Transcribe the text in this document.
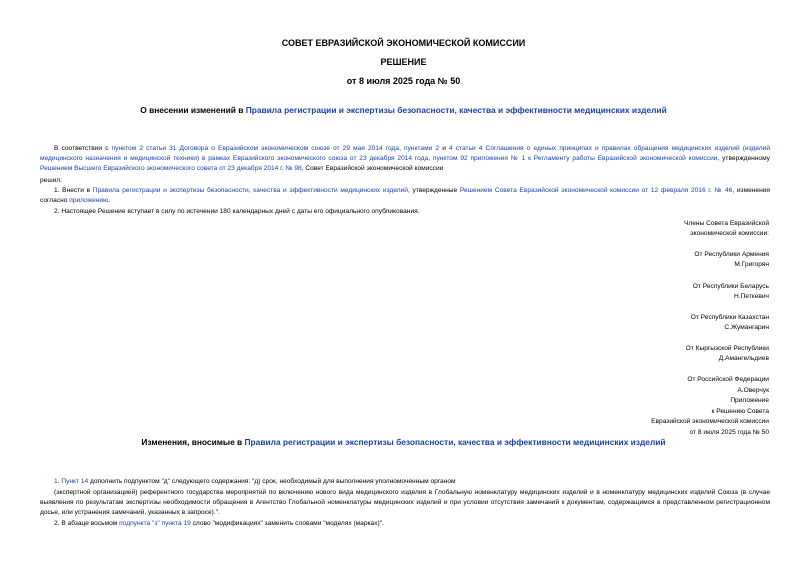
СОВЕТ ЕВРАЗИЙСКОЙ ЭКОНОМИЧЕСКОЙ КОМИССИИ
РЕШЕНИЕ
от 8 июля 2025 года № 50
О внесении изменений в Правила регистрации и экспертизы безопасности, качества и эффективности медицинских изделий
В соответствии с пунктом 2 статьи 31 Договора о Евразийском экономическом союзе от 29 мая 2014 года, пунктами 2 и 4 статьи 4 Соглашения о единых принципах и правилах обращения медицинских изделий (изделий медицинского назначения и медицинской техники) в рамках Евразийского экономического союза от 23 декабря 2014 года, пунктом 92 приложения № 1 к Регламенту работы Евразийской экономической комиссии, утвержденному Решением Высшего Евразийского экономического совета от 23 декабря 2014 г. № 98, Совет Евразийской экономической комиссии
решил:
1. Внести в Правила регистрации и экспертизы безопасности, качества и эффективности медицинских изделий, утвержденные Решением Совета Евразийской экономической комиссии от 12 февраля 2016 г. № 46, изменения согласно приложению.
2. Настоящее Решение вступает в силу по истечении 180 календарных дней с даты его официального опубликования.
Члены Совета Евразийской
экономической комиссии:
От Республики Армения
М.Григорян
От Республики Беларусь
Н.Петкевич
От Республики Казахстан
С.Жумангарин
От Кыргызской Республики
Д.Амангельдиев
От Российской Федерации
А.Оверчук
Приложение
к Решению Совета
Евразийской экономической комиссии
от 8 июля 2025 года № 50
Изменения, вносимые в Правила регистрации и экспертизы безопасности, качества и эффективности медицинских изделий
1. Пункт 14 дополнить подпунктом "д" следующего содержания: "д) срок, необходимый для выполнения уполномоченным органом
(экспертной организацией) референтного государства мероприятий по включению нового вида медицинского изделия в Глобальную номенклатуру медицинских изделий и в номенклатуру медицинских изделий Союза (в случае выявления по результатам экспертизы необходимости обращения в Агентство Глобальной номенклатуры медицинских изделий и при условии отсутствия замечаний к документам, содержащимся в представленном регистрационном досье, или устранения замечаний, указанных в запросе).".
2. В абзаце восьмом подпункта "з" пункта 19 слово "модификациях" заменить словами "моделях (марках)".
